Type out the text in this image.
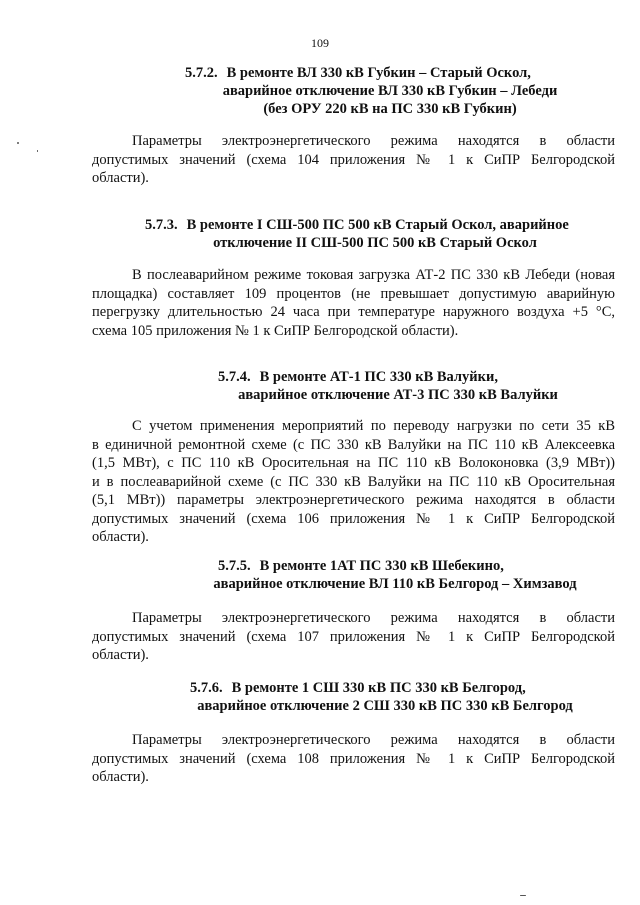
109
5.7.2. В ремонте ВЛ 330 кВ Губкин – Старый Оскол,
аварийное отключение ВЛ 330 кВ Губкин – Лебеди
(без ОРУ 220 кВ на ПС 330 кВ Губкин)
Параметры электроэнергетического режима находятся в области
допустимых значений (схема 104 приложения № 1 к СиПР Белгородской
области).
5.7.3. В ремонте I СШ-500 ПС 500 кВ Старый Оскол, аварийное
отключение II СШ-500 ПС 500 кВ Старый Оскол
В послеаварийном режиме токовая загрузка АТ-2 ПС 330 кВ Лебеди (новая
площадка) составляет 109 процентов (не превышает допустимую аварийную
перегрузку длительностью 24 часа при температуре наружного воздуха +5 °С,
схема 105 приложения № 1 к СиПР Белгородской области).
5.7.4. В ремонте АТ-1 ПС 330 кВ Валуйки,
аварийное отключение АТ-3 ПС 330 кВ Валуйки
С учетом применения мероприятий по переводу нагрузки по сети 35 кВ
в единичной ремонтной схеме (с ПС 330 кВ Валуйки на ПС 110 кВ Алексеевка
(1,5 МВт), с ПС 110 кВ Оросительная на ПС 110 кВ Волоконовка (3,9 МВт))
и в послеаварийной схеме (с ПС 330 кВ Валуйки на ПС 110 кВ Оросительная
(5,1 МВт)) параметры электроэнергетического режима находятся в области
допустимых значений (схема 106 приложения № 1 к СиПР Белгородской
области).
5.7.5. В ремонте 1АТ ПС 330 кВ Шебекино,
аварийное отключение ВЛ 110 кВ Белгород – Химзавод
Параметры электроэнергетического режима находятся в области
допустимых значений (схема 107 приложения № 1 к СиПР Белгородской
области).
5.7.6. В ремонте 1 СШ 330 кВ ПС 330 кВ Белгород,
аварийное отключение 2 СШ 330 кВ ПС 330 кВ Белгород
Параметры электроэнергетического режима находятся в области
допустимых значений (схема 108 приложения № 1 к СиПР Белгородской
области).
